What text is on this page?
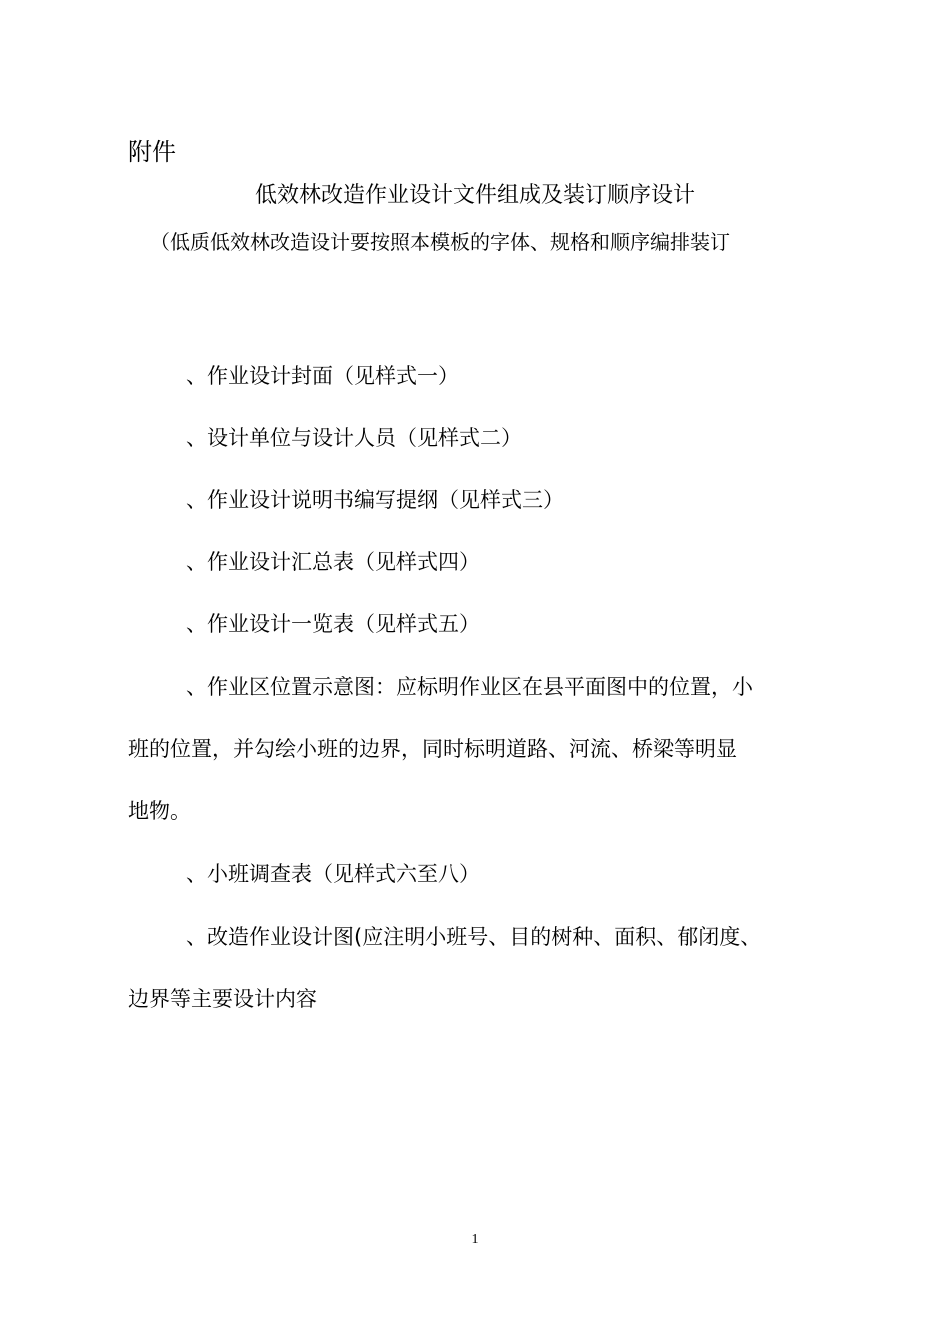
附件
低效林改造作业设计文件组成及装订顺序设计
（低质低效林改造设计要按照本模板的字体、规格和顺序编排装订
、作业设计封面（见样式一）
、设计单位与设计人员（见样式二）
、作业设计说明书编写提纲（见样式三）
、作业设计汇总表（见样式四）
、作业设计一览表（见样式五）
、作业区位置示意图：应标明作业区在县平面图中的位置，小
班的位置，并勾绘小班的边界，同时标明道路、河流、桥梁等明显
地物。
、小班调查表（见样式六至八）
、改造作业设计图(应注明小班号、目的树种、面积、郁闭度、
边界等主要设计内容
1
